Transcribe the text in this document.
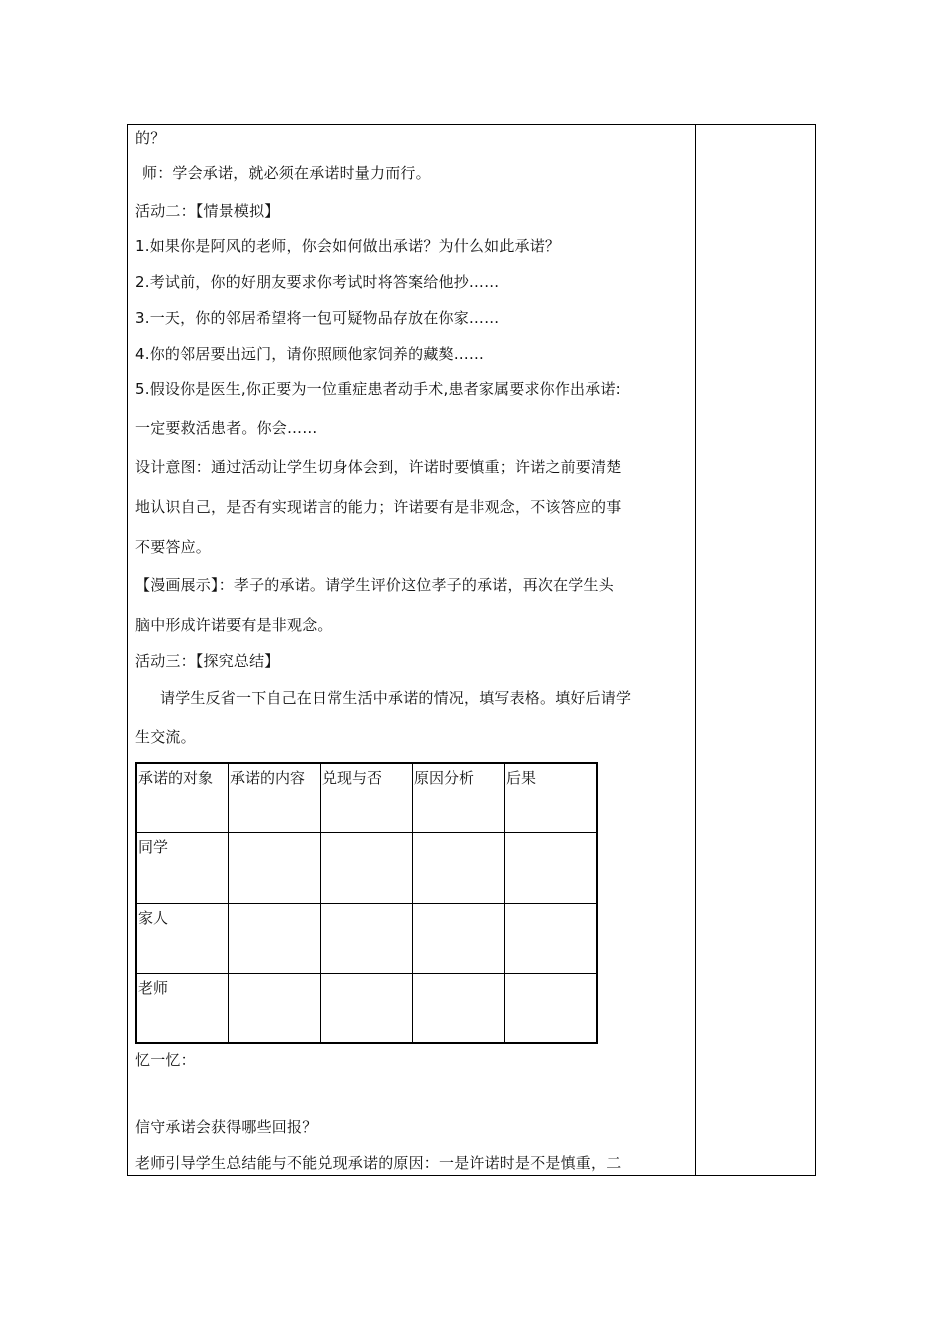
的？
师：学会承诺，就必须在承诺时量力而行。
活动二：【情景模拟】
1.如果你是阿风的老师，你会如何做出承诺？为什么如此承诺？
2.考试前，你的好朋友要求你考试时将答案给他抄……
3.一天，你的邻居希望将一包可疑物品存放在你家……
4.你的邻居要出远门，请你照顾他家饲养的藏獒……
5.假设你是医生,你正要为一位重症患者动手术,患者家属要求你作出承诺:
一定要救活患者。你会……
设计意图：通过活动让学生切身体会到，许诺时要慎重；许诺之前要清楚
地认识自己，是否有实现诺言的能力；许诺要有是非观念，不该答应的事
不要答应。
【漫画展示】：孝子的承诺。请学生评价这位孝子的承诺，再次在学生头
脑中形成许诺要有是非观念。
活动三：【探究总结】
请学生反省一下自己在日常生活中承诺的情况，填写表格。填好后请学
生交流。
承诺的对象	承诺的内容	兑现与否	原因分析	后果
同学
家人
老师
忆一忆：
信守承诺会获得哪些回报？
老师引导学生总结能与不能兑现承诺的原因：一是许诺时是不是慎重，二
